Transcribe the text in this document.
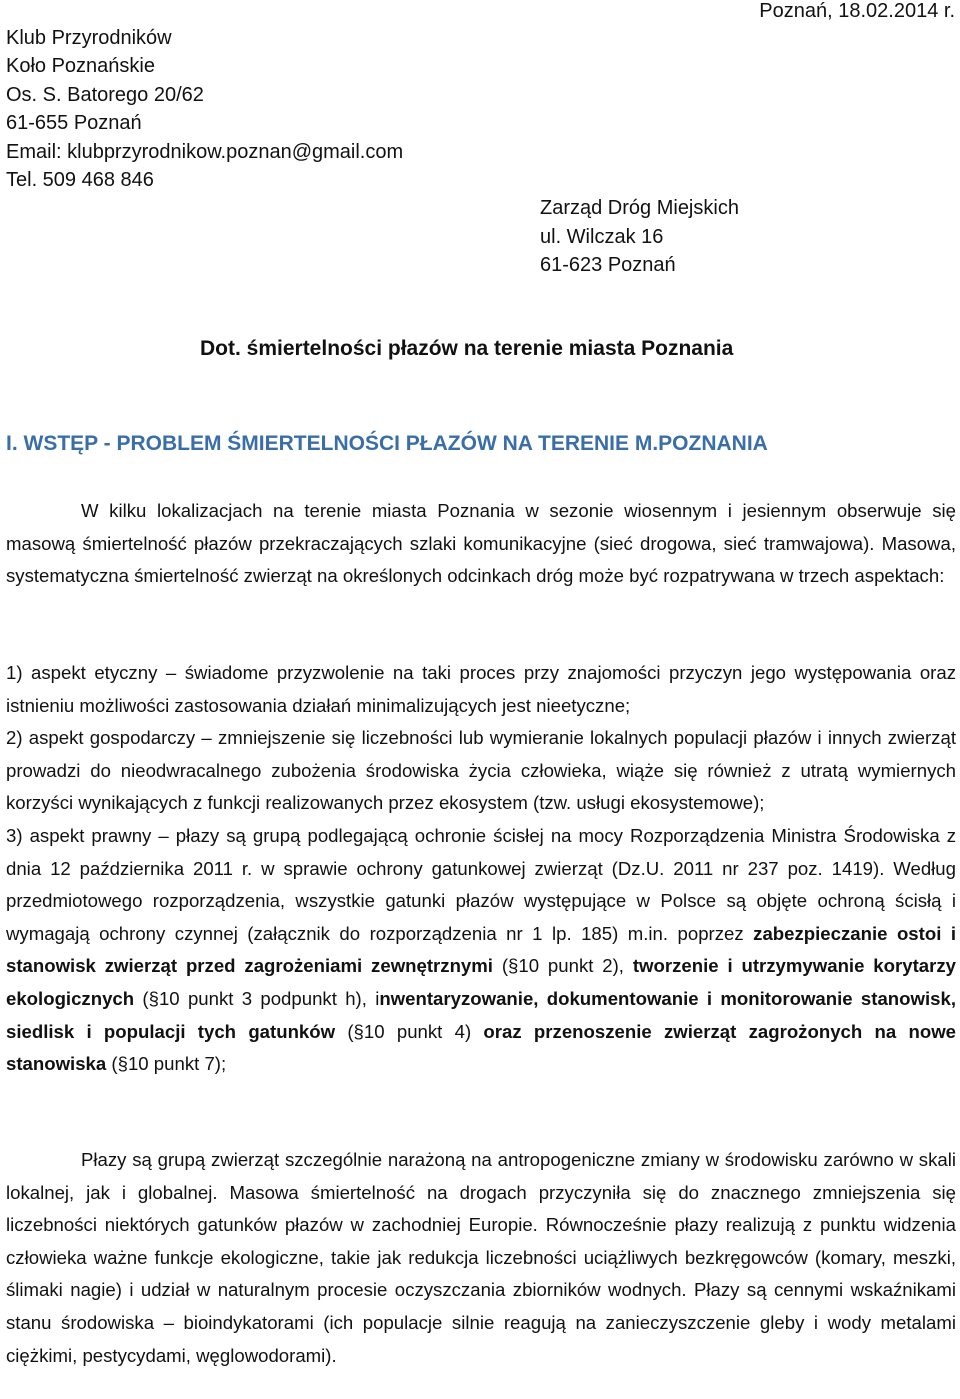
Klub Przyrodników
Koło Poznańskie
Os. S. Batorego 20/62
61-655 Poznań
Email: klubprzyrodnikow.poznan@gmail.com
Tel. 509 468 846
Poznań, 18.02.2014 r.
Zarząd Dróg Miejskich
ul. Wilczak 16
61-623 Poznań
Dot. śmiertelności płazów na terenie miasta Poznania
I. WSTĘP - PROBLEM ŚMIERTELNOŚCI PŁAZÓW NA TERENIE M.POZNANIA
W kilku lokalizacjach na terenie miasta Poznania w sezonie wiosennym i jesiennym obserwuje się masową śmiertelność płazów przekraczających szlaki komunikacyjne (sieć drogowa, sieć tramwajowa). Masowa, systematyczna śmiertelność zwierząt na określonych odcinkach dróg może być rozpatrywana w trzech aspektach:
1) aspekt etyczny – świadome przyzwolenie na taki proces przy znajomości przyczyn jego występowania oraz istnieniu możliwości zastosowania działań minimalizujących jest nieetyczne;
2) aspekt gospodarczy – zmniejszenie się liczebności lub wymieranie lokalnych populacji płazów i innych zwierząt prowadzi do nieodwracalnego zubożenia środowiska życia człowieka, wiąże się również z utratą wymiernych korzyści wynikających z funkcji realizowanych przez ekosystem (tzw. usługi ekosystemowe);
3) aspekt prawny – płazy są grupą podlegającą ochronie ścisłej na mocy Rozporządzenia Ministra Środowiska z dnia 12 października 2011 r. w sprawie ochrony gatunkowej zwierząt (Dz.U. 2011 nr 237 poz. 1419). Według przedmiotowego rozporządzenia, wszystkie gatunki płazów występujące w Polsce są objęte ochroną ścisłą i wymagają ochrony czynnej (załącznik do rozporządzenia nr 1 lp. 185) m.in. poprzez zabezpieczanie ostoi i stanowisk zwierząt przed zagrożeniami zewnętrznymi (§10 punkt 2), tworzenie i utrzymywanie korytarzy ekologicznych (§10 punkt 3 podpunkt h), inwentaryzowanie, dokumentowanie i monitorowanie stanowisk, siedlisk i populacji tych gatunków (§10 punkt 4) oraz przenoszenie zwierząt zagrożonych na nowe stanowiska (§10 punkt 7);
Płazy są grupą zwierząt szczególnie narażoną na antropogeniczne zmiany w środowisku zarówno w skali lokalnej, jak i globalnej. Masowa śmiertelność na drogach przyczyniła się do znacznego zmniejszenia się liczebności niektórych gatunków płazów w zachodniej Europie. Równocześnie płazy realizują z punktu widzenia człowieka ważne funkcje ekologiczne, takie jak redukcja liczebności uciążliwych bezkręgowców (komary, meszki, ślimaki nagie) i udział w naturalnym procesie oczyszczania zbiorników wodnych. Płazy są cennymi wskaźnikami stanu środowiska – bioindykatorami (ich populacje silnie reagują na zanieczyszczenie gleby i wody metalami ciężkimi, pestycydami, węglowodorami).
